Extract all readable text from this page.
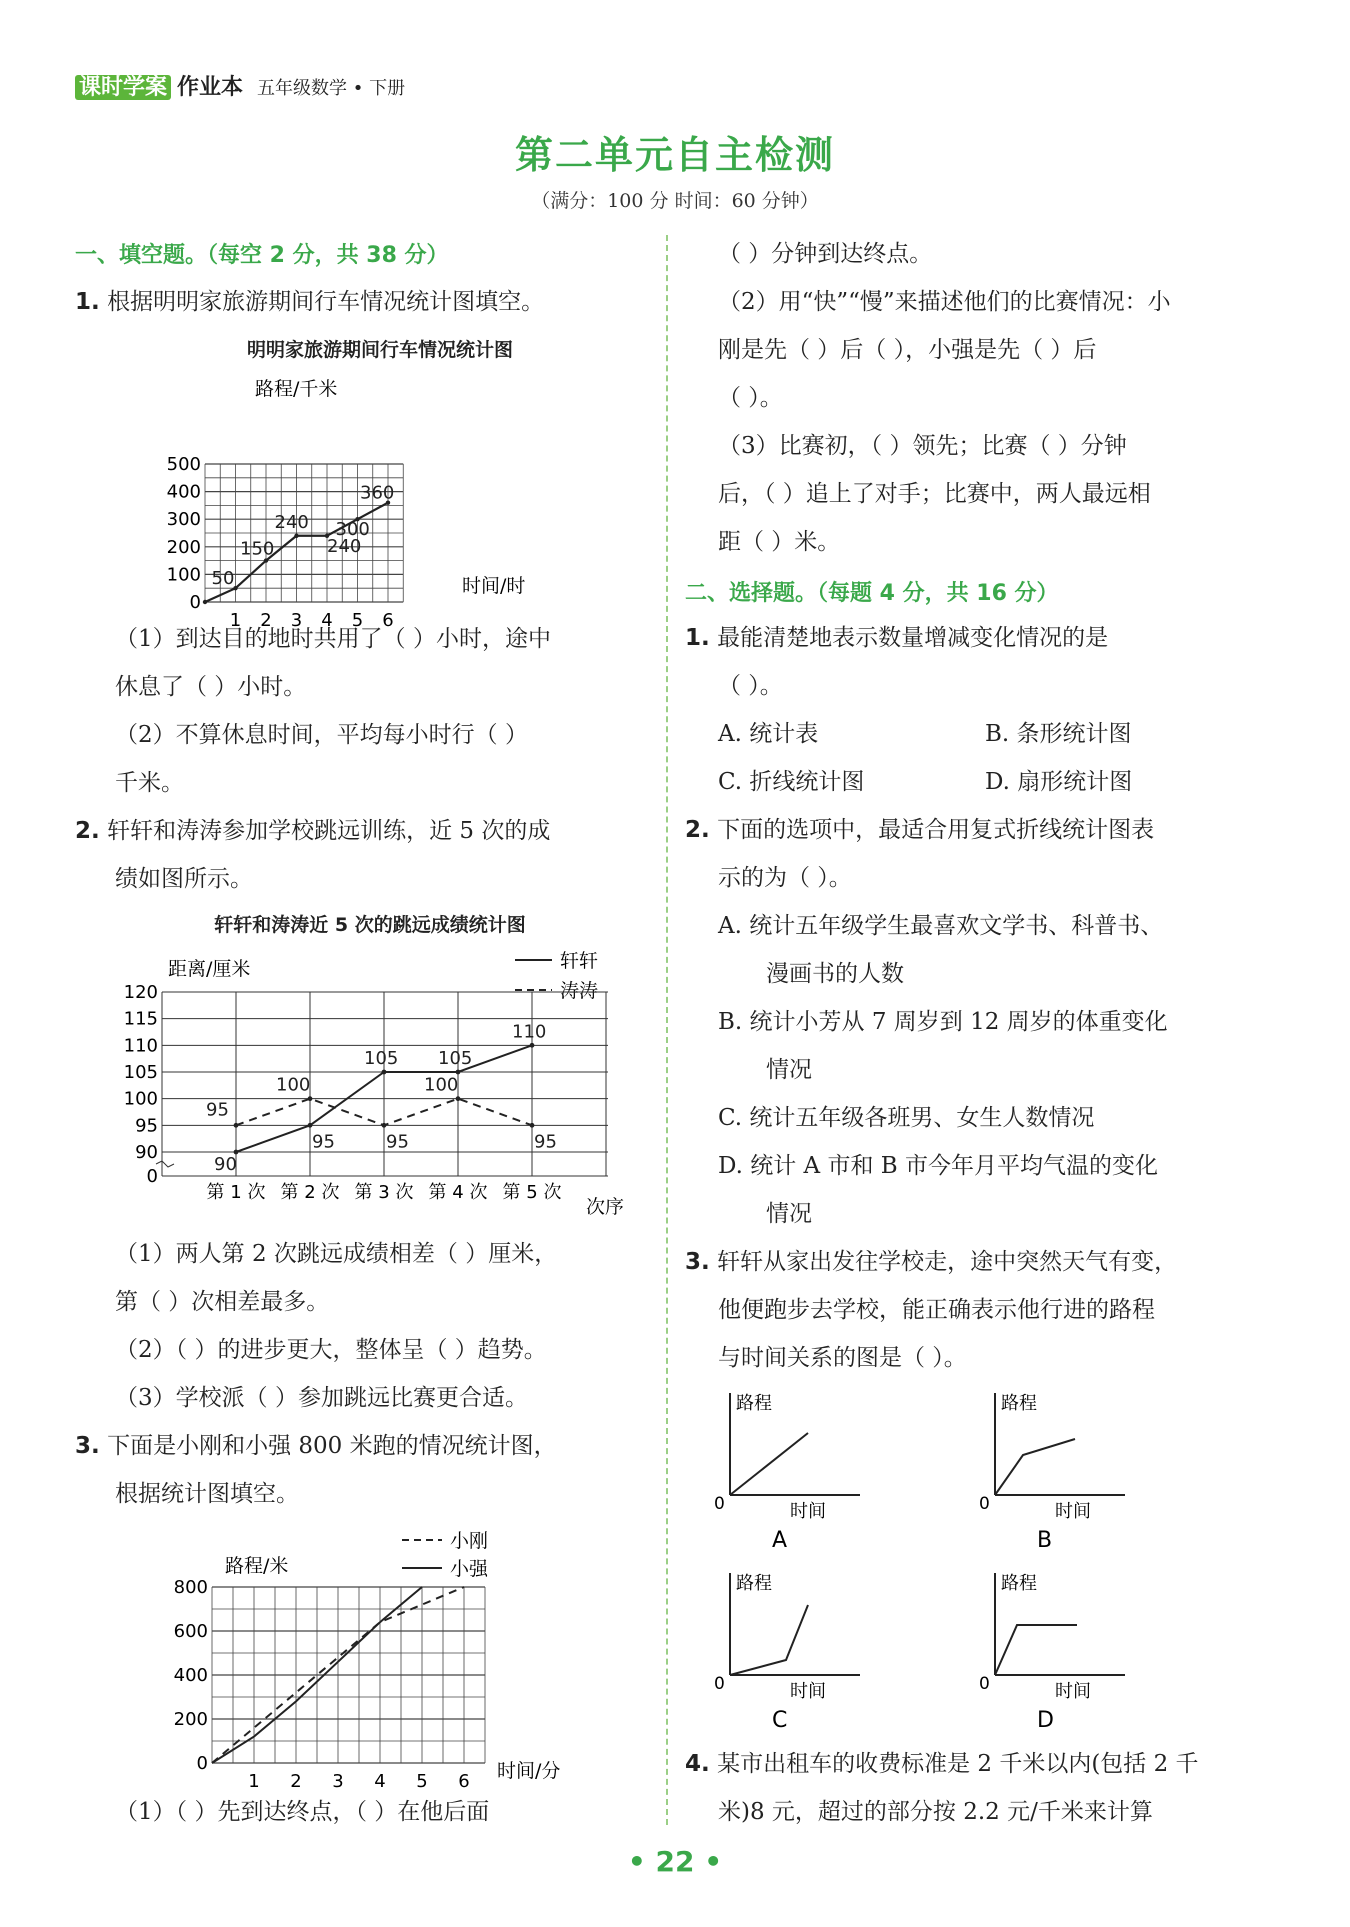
课时学案 作业本 五年级数学 • 下册
第二单元自主检测
（满分：100 分 时间：60 分钟）
一、填空题。（每空 2 分，共 38 分）
1. 根据明明家旅游期间行车情况统计图填空。
明明家旅游期间行车情况统计图
路程/千米
时间/时
0
100
200
300
400
500
1 2 3 4 5 6
50
150
240
240
300
360
（1）到达目的地时共用了（ ）小时，途中
休息了（ ）小时。
（2）不算休息时间，平均每小时行（ ）
千米。
2. 轩轩和涛涛参加学校跳远训练，近 5 次的成
绩如图所示。
轩轩和涛涛近 5 次的跳远成绩统计图
距离/厘米
次序
轩轩
涛涛
120
115
110
105
100
95
90
0
第 1 次 第 2 次 第 3 次 第 4 次 第 5 次
90
95
105 105
110
95
100
95
100
95
（1）两人第 2 次跳远成绩相差（ ）厘米，
第（ ）次相差最多。
（2）（ ）的进步更大，整体呈（ ）趋势。
（3）学校派（ ）参加跳远比赛更合适。
3. 下面是小刚和小强 800 米跑的情况统计图，
根据统计图填空。
路程/米
时间/分
小刚
小强
0
200
400
600
800
1 2 3 4 5 6
（1）（ ）先到达终点，（ ）在他后面
（ ）分钟到达终点。
（2）用“快”“慢”来描述他们的比赛情况：小
刚是先（ ）后（ ），小强是先（ ）后
（ ）。
（3）比赛初，（ ）领先；比赛（ ）分钟
后，（ ）追上了对手；比赛中，两人最远相
距（ ）米。
二、选择题。（每题 4 分，共 16 分）
1. 最能清楚地表示数量增减变化情况的是
（ ）。
A. 统计表	B. 条形统计图
C. 折线统计图	D. 扇形统计图
2. 下面的选项中，最适合用复式折线统计图表
示的为（ ）。
A. 统计五年级学生最喜欢文学书、科普书、
漫画书的人数
B. 统计小芳从 7 周岁到 12 周岁的体重变化
情况
C. 统计五年级各班男、女生人数情况
D. 统计 A 市和 B 市今年月平均气温的变化
情况
3. 轩轩从家出发往学校走，途中突然天气有变，
他便跑步去学校，能正确表示他行进的路程
与时间关系的图是（ ）。
路程
0	时间
A
路程
0	时间
B
路程
0	时间
C
路程
0	时间
D
4. 某市出租车的收费标准是 2 千米以内(包括 2 千
米)8 元，超过的部分按 2.2 元/千米来计算
• 22 •
